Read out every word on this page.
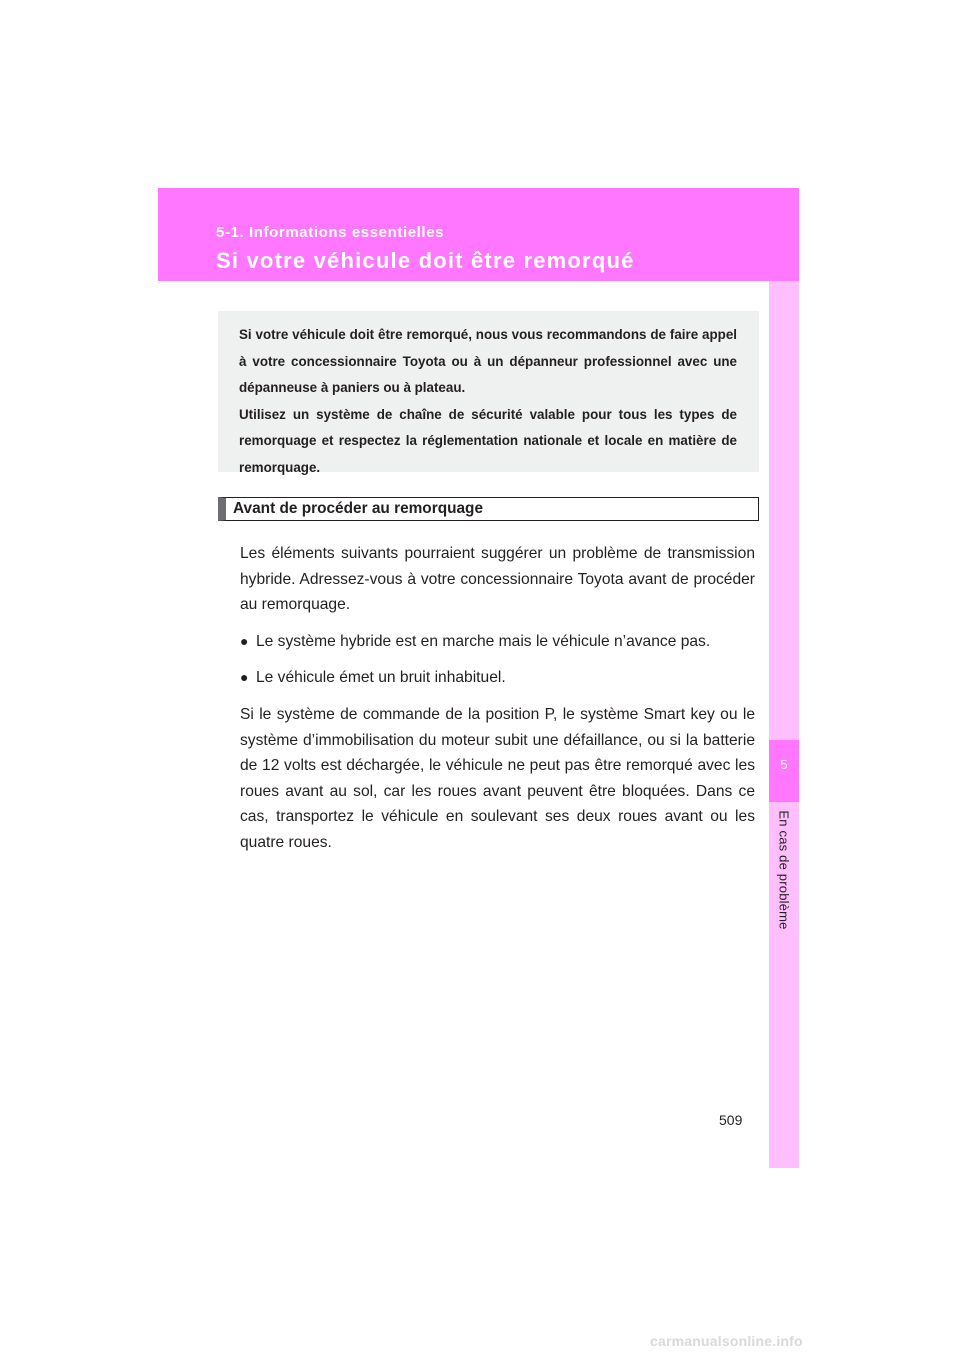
5-1. Informations essentielles
Si votre véhicule doit être remorqué
5
En cas de problème

Si votre véhicule doit être remorqué, nous vous recommandons de faire appel à votre concessionnaire Toyota ou à un dépanneur professionnel avec une dépanneuse à paniers ou à plateau.

Utilisez un système de chaîne de sécurité valable pour tous les types de remorquage et respectez la réglementation nationale et locale en matière de remorquage.

Avant de procéder au remorquage

Les éléments suivants pourraient suggérer un problème de transmission hybride. Adressez-vous à votre concessionnaire Toyota avant de procéder au remorquage.

● Le système hybride est en marche mais le véhicule n’avance pas.
● Le véhicule émet un bruit inhabituel.

Si le système de commande de la position P, le système Smart key ou le système d’immobilisation du moteur subit une défaillance, ou si la batterie de 12 volts est déchargée, le véhicule ne peut pas être remorqué avec les roues avant au sol, car les roues avant peuvent être bloquées. Dans ce cas, transportez le véhicule en soulevant ses deux roues avant ou les quatre roues.

509
carmanualsonline.info
